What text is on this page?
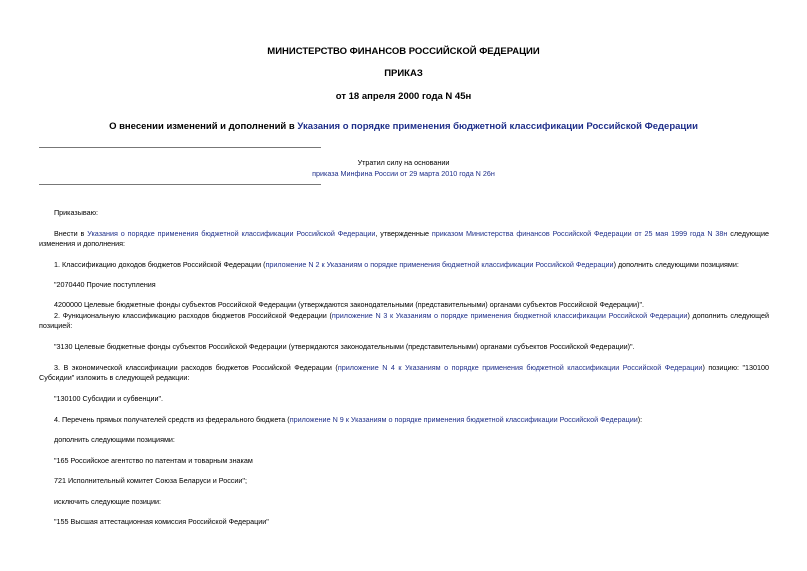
МИНИСТЕРСТВО ФИНАНСОВ РОССИЙСКОЙ ФЕДЕРАЦИИ
ПРИКАЗ
от 18 апреля 2000 года N 45н
О внесении изменений и дополнений в Указания о порядке применения бюджетной классификации Российской Федерации
Утратил силу на основании
приказа Минфина России от 29 марта 2010 года N 26н
Приказываю:
Внести в Указания о порядке применения бюджетной классификации Российской Федерации, утвержденные приказом Министерства финансов Российской Федерации от 25 мая 1999 года N 38н следующие изменения и дополнения:
1. Классификацию доходов бюджетов Российской Федерации (приложение N 2 к Указаниям о порядке применения бюджетной классификации Российской Федерации) дополнить следующими позициями:
"2070440 Прочие поступления
4200000 Целевые бюджетные фонды субъектов Российской Федерации (утверждаются законодательными (представительными) органами субъектов Российской Федерации)".
2. Функциональную классификацию расходов бюджетов Российской Федерации (приложение N 3 к Указаниям о порядке применения бюджетной классификации Российской Федерации) дополнить следующей позицией:
"3130 Целевые бюджетные фонды субъектов Российской Федерации (утверждаются законодательными (представительными) органами субъектов Российской Федерации)".
3. В экономической классификации расходов бюджетов Российской Федерации (приложение N 4 к Указаниям о порядке применения бюджетной классификации Российской Федерации) позицию: "130100 Субсидии" изложить в следующей редакции:
"130100 Субсидии и субвенции".
4. Перечень прямых получателей средств из федерального бюджета (приложение N 9 к Указаниям о порядке применения бюджетной классификации Российской Федерации):
дополнить следующими позициями:
"165 Российское агентство по патентам и товарным знакам
721 Исполнительный комитет Союза Беларуси и России";
исключить следующие позиции:
"155 Высшая аттестационная комиссия Российской Федерации"
